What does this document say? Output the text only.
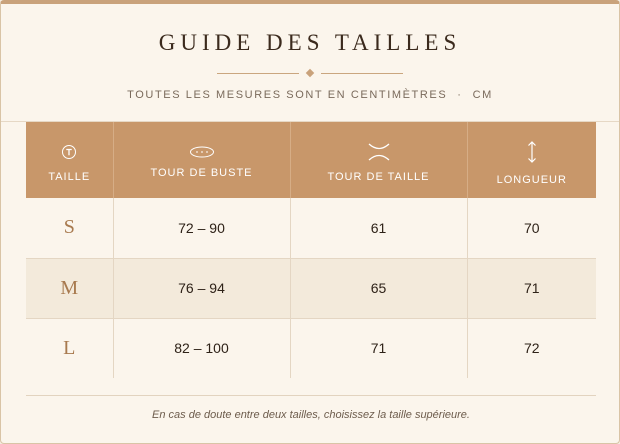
GUIDE DES TAILLES
TOUTES LES MESURES SONT EN CENTIMÈTRES · CM
TAILLE	TOUR DE BUSTE	TOUR DE TAILLE	LONGUEUR

S	72 – 90	61	70
M	76 – 94	65	71
L	82 – 100	71	72
En cas de doute entre deux tailles, choisissez la taille supérieure.
